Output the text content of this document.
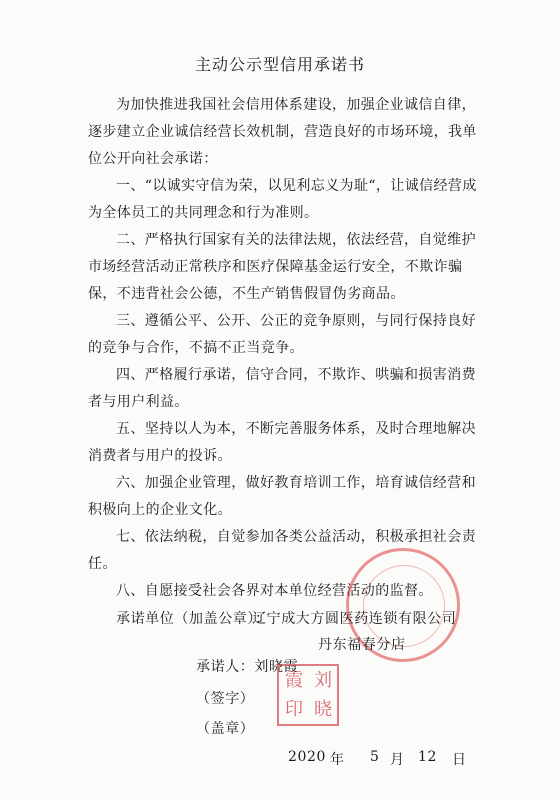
主动公示型信用承诺书
为加快推进我国社会信用体系建设，加强企业诚信自律，逐步建立企业诚信经营长效机制，营造良好的市场环境，我单位公开向社会承诺：
一、“以诚实守信为荣，以见利忘义为耻“，让诚信经营成为全体员工的共同理念和行为准则。
二、严格执行国家有关的法律法规，依法经营，自觉维护市场经营活动正常秩序和医疗保障基金运行安全，不欺诈骗保，不违背社会公德，不生产销售假冒伪劣商品。
三、遵循公平、公开、公正的竞争原则，与同行保持良好的竞争与合作，不搞不正当竞争。
四、严格履行承诺，信守合同，不欺诈、哄骗和损害消费者与用户利益。
五、坚持以人为本，不断完善服务体系，及时合理地解决消费者与用户的投诉。
六、加强企业管理，做好教育培训工作，培育诚信经营和积极向上的企业文化。
七、依法纳税，自觉参加各类公益活动，积极承担社会责任。
八、自愿接受社会各界对本单位经营活动的监督。
承诺单位（加盖公章）：
辽宁成大方圆医药连锁有限公司
丹东福春分店
承诺人：刘晓霞
（签字）
（盖章）
刘
晓
霞
印
2020 年 5 月 12 日
